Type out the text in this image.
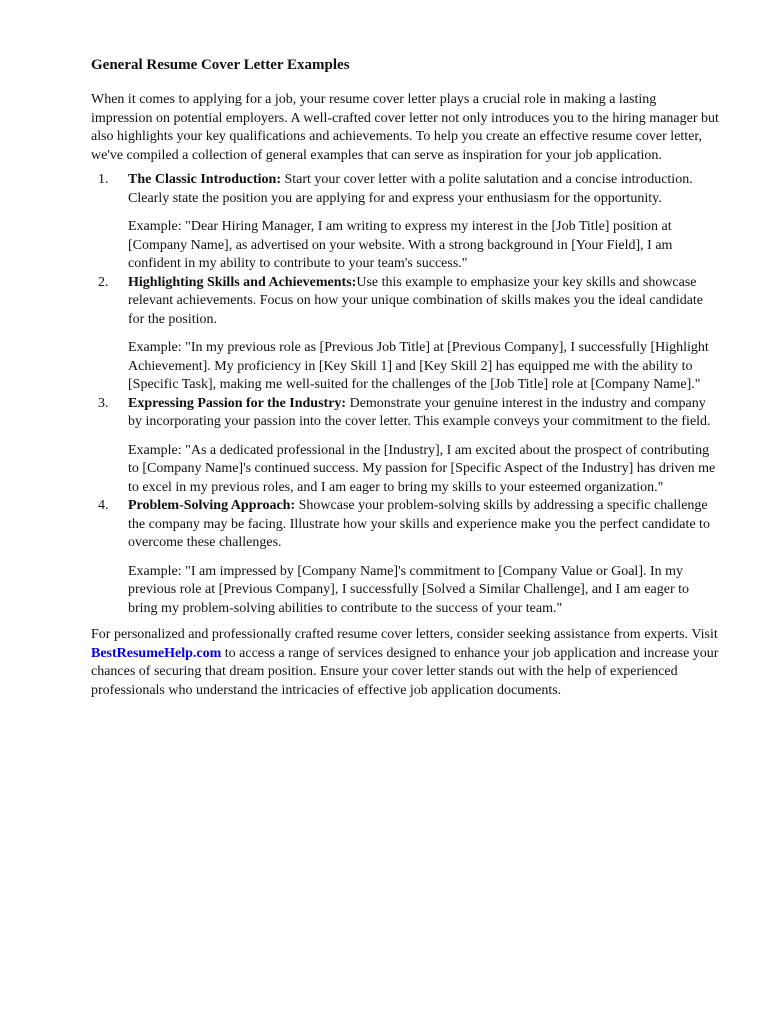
General Resume Cover Letter Examples

When it comes to applying for a job, your resume cover letter plays a crucial role in making a lasting impression on potential employers. A well-crafted cover letter not only introduces you to the hiring manager but also highlights your key qualifications and achievements. To help you create an effective resume cover letter, we've compiled a collection of general examples that can serve as inspiration for your job application.

1.	The Classic Introduction: Start your cover letter with a polite salutation and a concise introduction. Clearly state the position you are applying for and express your enthusiasm for the opportunity.

Example: "Dear Hiring Manager, I am writing to express my interest in the [Job Title] position at [Company Name], as advertised on your website. With a strong background in [Your Field], I am confident in my ability to contribute to your team's success."

2.	Highlighting Skills and Achievements:Use this example to emphasize your key skills and showcase relevant achievements. Focus on how your unique combination of skills makes you the ideal candidate for the position.

Example: "In my previous role as [Previous Job Title] at [Previous Company], I successfully [Highlight Achievement]. My proficiency in [Key Skill 1] and [Key Skill 2] has equipped me with the ability to [Specific Task], making me well-suited for the challenges of the [Job Title] role at [Company Name]."

3.	Expressing Passion for the Industry: Demonstrate your genuine interest in the industry and company by incorporating your passion into the cover letter. This example conveys your commitment to the field.

Example: "As a dedicated professional in the [Industry], I am excited about the prospect of contributing to [Company Name]'s continued success. My passion for [Specific Aspect of the Industry] has driven me to excel in my previous roles, and I am eager to bring my skills to your esteemed organization."

4.	Problem-Solving Approach: Showcase your problem-solving skills by addressing a specific challenge the company may be facing. Illustrate how your skills and experience make you the perfect candidate to overcome these challenges.

Example: "I am impressed by [Company Name]'s commitment to [Company Value or Goal]. In my previous role at [Previous Company], I successfully [Solved a Similar Challenge], and I am eager to bring my problem-solving abilities to contribute to the success of your team."

For personalized and professionally crafted resume cover letters, consider seeking assistance from experts. Visit BestResumeHelp.com to access a range of services designed to enhance your job application and increase your chances of securing that dream position. Ensure your cover letter stands out with the help of experienced professionals who understand the intricacies of effective job application documents.
